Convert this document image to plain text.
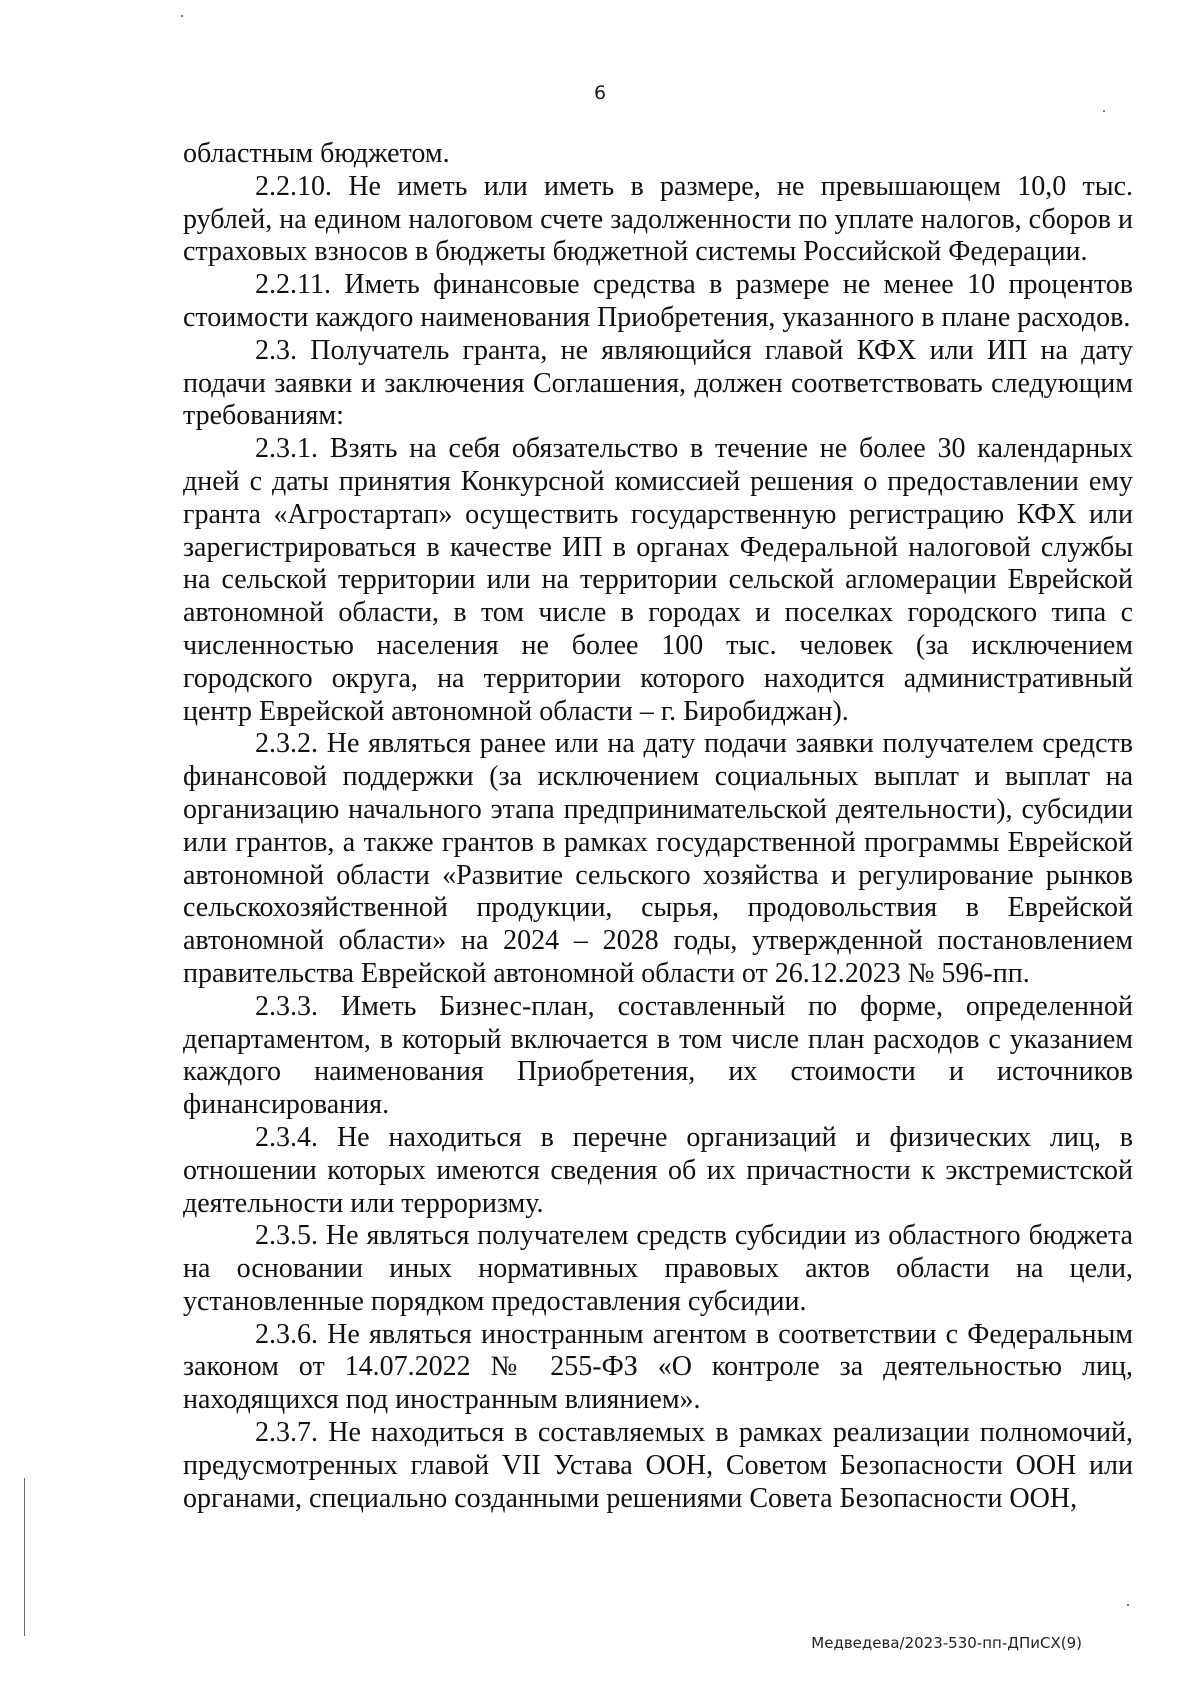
6

областным бюджетом.

2.2.10. Не иметь или иметь в размере, не превышающем 10,0 тыс. рублей, на едином налоговом счете задолженности по уплате налогов, сборов и страховых взносов в бюджеты бюджетной системы Российской Федерации.

2.2.11. Иметь финансовые средства в размере не менее 10 процентов стоимости каждого наименования Приобретения, указанного в плане расходов.

2.3. Получатель гранта, не являющийся главой КФХ или ИП на дату подачи заявки и заключения Соглашения, должен соответствовать следующим требованиям:

2.3.1. Взять на себя обязательство в течение не более 30 календарных дней с даты принятия Конкурсной комиссией решения о предоставлении ему гранта «Агростартап» осуществить государственную регистрацию КФХ или зарегистрироваться в качестве ИП в органах Федеральной налоговой службы на сельской территории или на территории сельской агломерации Еврейской автономной области, в том числе в городах и поселках городского типа с численностью населения не более 100 тыс. человек (за исключением городского округа, на территории которого находится административный центр Еврейской автономной области – г. Биробиджан).

2.3.2. Не являться ранее или на дату подачи заявки получателем средств финансовой поддержки (за исключением социальных выплат и выплат на организацию начального этапа предпринимательской деятельности), субсидии или грантов, а также грантов в рамках государственной программы Еврейской автономной области «Развитие сельского хозяйства и регулирование рынков сельскохозяйственной продукции, сырья, продовольствия в Еврейской автономной области» на 2024 – 2028 годы, утвержденной постановлением правительства Еврейской автономной области от 26.12.2023 № 596-пп.

2.3.3. Иметь Бизнес-план, составленный по форме, определенной департаментом, в который включается в том числе план расходов с указанием каждого наименования Приобретения, их стоимости и источников финансирования.

2.3.4. Не находиться в перечне организаций и физических лиц, в отношении которых имеются сведения об их причастности к экстремистской деятельности или терроризму.

2.3.5. Не являться получателем средств субсидии из областного бюджета на основании иных нормативных правовых актов области на цели, установленные порядком предоставления субсидии.

2.3.6. Не являться иностранным агентом в соответствии с Федеральным законом от 14.07.2022 № 255-ФЗ «О контроле за деятельностью лиц, находящихся под иностранным влиянием».

2.3.7. Не находиться в составляемых в рамках реализации полномочий, предусмотренных главой VII Устава ООН, Советом Безопасности ООН или органами, специально созданными решениями Совета Безопасности ООН,

Медведева/2023-530-пп-ДПиСХ(9)
